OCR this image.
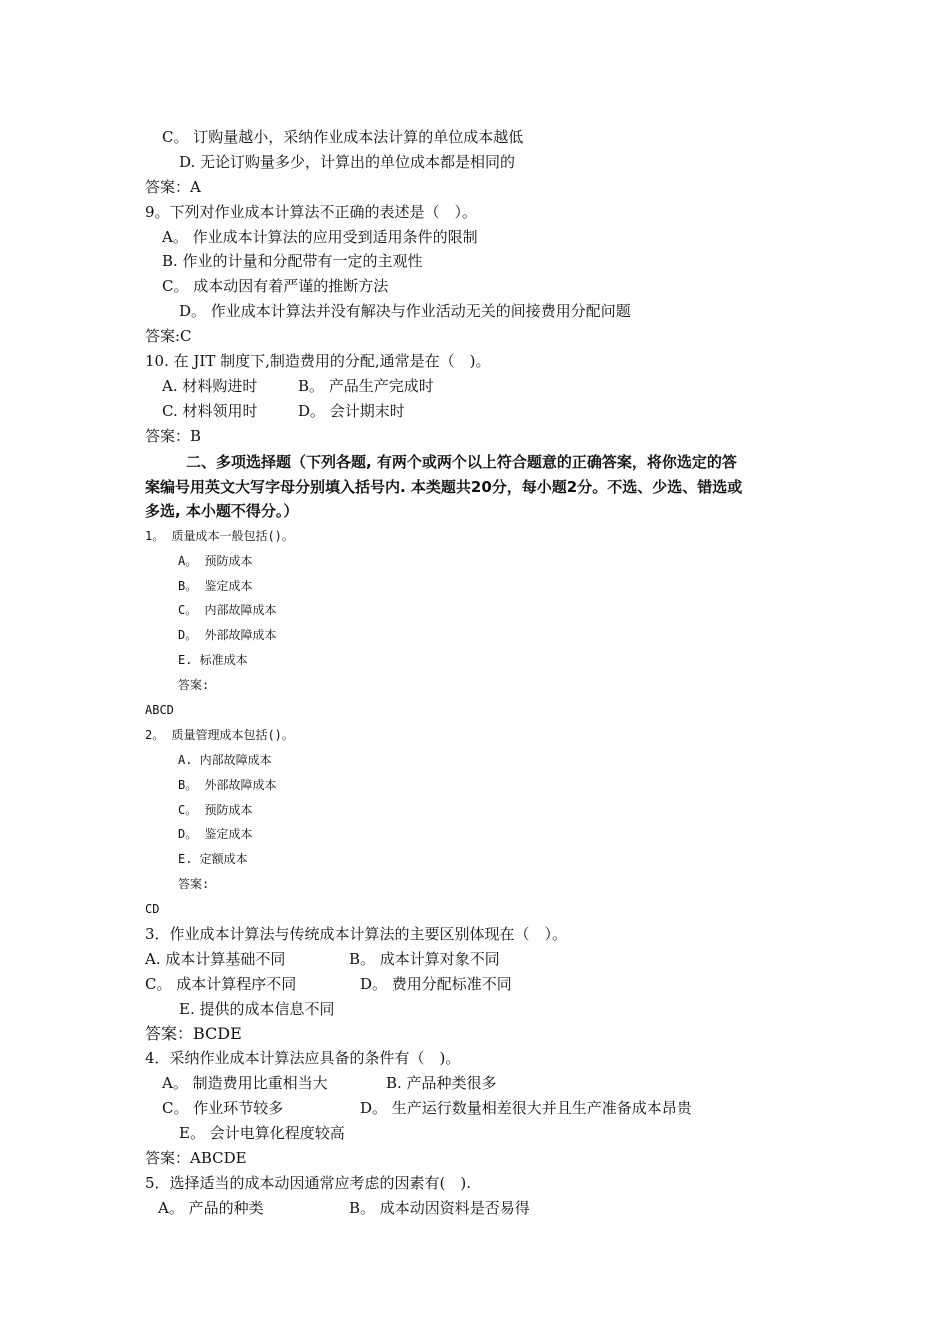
C。 订购量越小，采纳作业成本法计算的单位成本越低
D. 无论订购量多少，计算出的单位成本都是相同的
答案：A
9。下列对作业成本计算法不正确的表述是（　）。
A。 作业成本计算法的应用受到适用条件的限制
B. 作业的计量和分配带有一定的主观性
C。 成本动因有着严谨的推断方法
D。 作业成本计算法并没有解决与作业活动无关的间接费用分配问题
答案:C
10. 在 JIT 制度下,制造费用的分配,通常是在（　)。
A. 材料购进时	B。 产品生产完成时
C. 材料领用时	D。 会计期末时
答案：B
二、多项选择题（下列各题, 有两个或两个以上符合题意的正确答案，将你选定的答
案编号用英文大写字母分别填入括号内. 本类题共20分，每小题2分。不选、少选、错选或
多选, 本小题不得分。）
1。 质量成本一般包括()。
A。 预防成本
B。 鉴定成本
C。 内部故障成本
D。 外部故障成本
E. 标准成本
答案:
ABCD
2。 质量管理成本包括()。
A. 内部故障成本
B。 外部故障成本
C。 预防成本
D。 鉴定成本
E. 定额成本
答案:
CD
3．作业成本计算法与传统成本计算法的主要区别体现在（　）。
A. 成本计算基础不同	B。 成本计算对象不同
C。 成本计算程序不同	D。 费用分配标准不同
E. 提供的成本信息不同
答案：BCDE
4．采纳作业成本计算法应具备的条件有（　)。
A。 制造费用比重相当大	B. 产品种类很多
C。 作业环节较多	D。 生产运行数量相差很大并且生产准备成本昂贵
E。 会计电算化程度较高
答案：ABCDE
5．选择适当的成本动因通常应考虑的因素有(　).
A。 产品的种类	B。 成本动因资料是否易得
